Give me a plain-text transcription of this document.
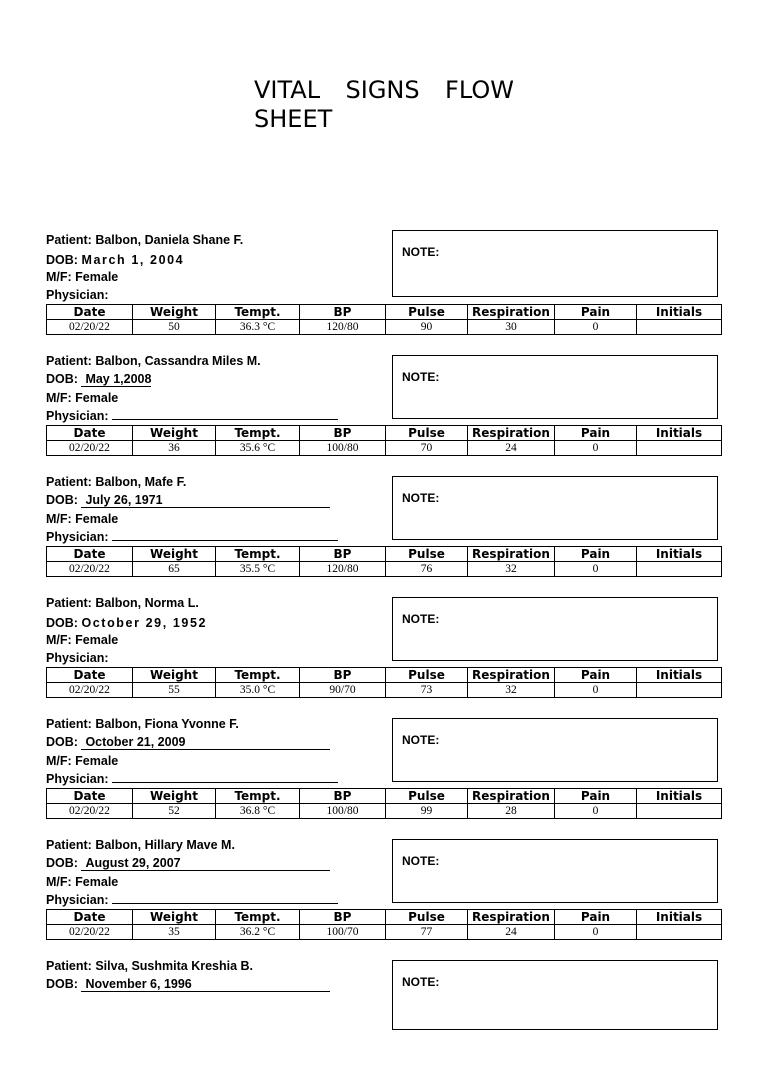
VITAL SIGNS FLOW SHEET
Patient: Balbon, Daniela Shane F.
DOB: March 1, 2004
M/F: Female
Physician:
NOTE:
Date	Weight	Tempt.	BP	Pulse	Respiration	Pain	Initials
02/20/22	50	36.3 °C	120/80	90	30	0	
Patient: Balbon, Cassandra Miles M.
DOB: May 1,2008
M/F: Female
Physician:
NOTE:
Date	Weight	Tempt.	BP	Pulse	Respiration	Pain	Initials
02/20/22	36	35.6 °C	100/80	70	24	0	
Patient: Balbon, Mafe F.
DOB: July 26, 1971
M/F: Female
Physician:
NOTE:
Date	Weight	Tempt.	BP	Pulse	Respiration	Pain	Initials
02/20/22	65	35.5 °C	120/80	76	32	0	
Patient: Balbon, Norma L.
DOB: October 29, 1952
M/F: Female
Physician:
NOTE:
Date	Weight	Tempt.	BP	Pulse	Respiration	Pain	Initials
02/20/22	55	35.0 °C	90/70	73	32	0	
Patient: Balbon, Fiona Yvonne F.
DOB: October 21, 2009
M/F: Female
Physician:
NOTE:
Date	Weight	Tempt.	BP	Pulse	Respiration	Pain	Initials
02/20/22	52	36.8 °C	100/80	99	28	0	
Patient: Balbon, Hillary Mave M.
DOB: August 29, 2007
M/F: Female
Physician:
NOTE:
Date	Weight	Tempt.	BP	Pulse	Respiration	Pain	Initials
02/20/22	35	36.2 °C	100/70	77	24	0	
Patient: Silva, Sushmita Kreshia B.
DOB: November 6, 1996	NOTE:
